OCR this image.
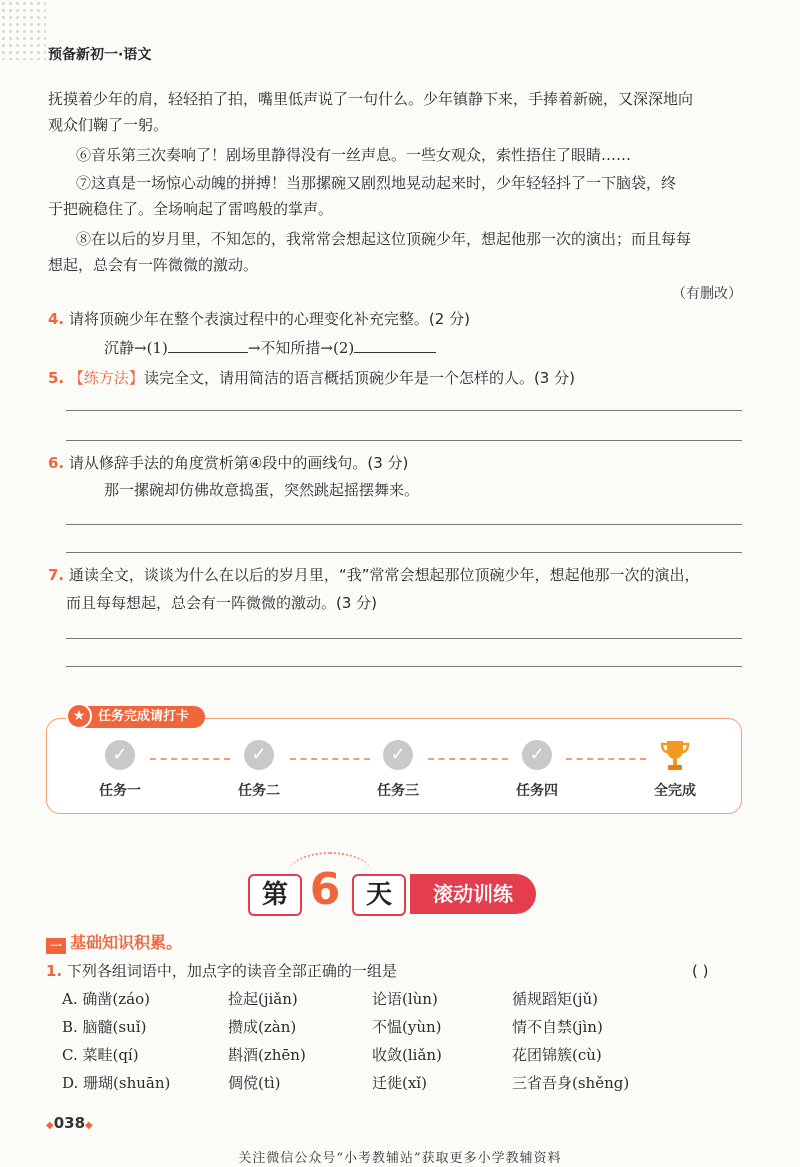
预备新初一·语文

抚摸着少年的肩，轻轻拍了拍，嘴里低声说了一句什么。少年镇静下来，手捧着新碗，又深深地向

观众们鞠了一躬。

⑥音乐第三次奏响了！剧场里静得没有一丝声息。一些女观众，索性捂住了眼睛……

⑦这真是一场惊心动魄的拼搏！当那摞碗又剧烈地晃动起来时，少年轻轻抖了一下脑袋，终

于把碗稳住了。全场响起了雷鸣般的掌声。

⑧在以后的岁月里，不知怎的，我常常会想起这位顶碗少年，想起他那一次的演出；而且每每

想起，总会有一阵微微的激动。

（有删改）
4. 请将顶碗少年在整个表演过程中的心理变化补充完整。(2 分)
沉静→(1)	→不知所措→(2)
5. 【练方法】读完全文，请用简洁的语言概括顶碗少年是一个怎样的人。(3 分)
6. 请从修辞手法的角度赏析第④段中的画线句。(3 分)
那一摞碗却仿佛故意捣蛋，突然跳起摇摆舞来。
7. 通读全文，谈谈为什么在以后的岁月里，“我”常常会想起那位顶碗少年，想起他那一次的演出，
而且每每想起，总会有一阵微微的激动。(3 分)
任务完成请打卡
★
✓
任务一
✓
任务二
✓
任务三
✓
任务四	全完成
第 6 天	滚动训练
一 基础知识积累。
1. 下列各组词语中，加点字的读音全部正确的一组是	( )
A. 确凿(záo)	捡起(jiǎn)	论语(lùn)	循规蹈矩(jǔ)
B. 脑髓(suǐ)	攒成(zàn)	不愠(yùn)	情不自禁(jìn)
C. 菜畦(qí)	斟酒(zhēn)	收敛(liǎn)	花团锦簇(cù)
D. 珊瑚(shuān)	倜傥(tì)	迁徙(xǐ)	三省吾身(shěng)
◆038◆
关注微信公众号“小考教辅站”获取更多小学教辅资料
